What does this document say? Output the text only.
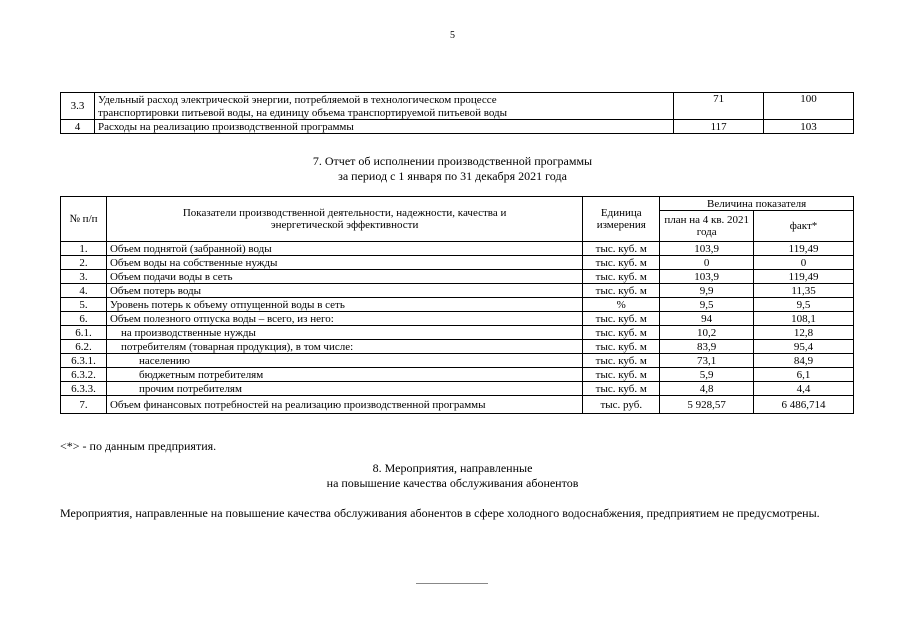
5
3.3	Удельный расход электрической энергии, потребляемой в технологическом процессе	71	100
	транспортировки питьевой воды, на единицу объема транспортируемой питьевой воды		
4	Расходы на реализацию производственной программы	117	103
7. Отчет об исполнении производственной программы
за период с 1 января по 31 декабря 2021 года
№ п/п	Показатели производственной деятельности, надежности, качества и энергетической эффективности	Единица измерения	Величина показателя	
			план на 4 кв. 2021 года	факт*
1.	Объем поднятой (забранной) воды	тыс. куб. м	103,9	119,49
2.	Объем воды на собственные нужды	тыс. куб. м	0	0
3.	Объем подачи воды в сеть	тыс. куб. м	103,9	119,49
4.	Объем потерь воды	тыс. куб. м	9,9	11,35
5.	Уровень потерь к объему отпущенной воды в сеть	%	9,5	9,5
6.	Объем полезного отпуска воды – всего, из него:	тыс. куб. м	94	108,1
6.1.	на производственные нужды	тыс. куб. м	10,2	12,8
6.2.	потребителям (товарная продукция), в том числе:	тыс. куб. м	83,9	95,4
6.3.1.	населению	тыс. куб. м	73,1	84,9
6.3.2.	бюджетным потребителям	тыс. куб. м	5,9	6,1
6.3.3.	прочим потребителям	тыс. куб. м	4,8	4,4
7.	Объем финансовых потребностей на реализацию производственной программы	тыс. руб.	5 928,57	6 486,714
<*> - по данным предприятия.
8. Мероприятия, направленные
на повышение качества обслуживания абонентов
Мероприятия, направленные на повышение качества обслуживания абонентов в сфере холодного водоснабжения, предприятием не предусмотрены.
